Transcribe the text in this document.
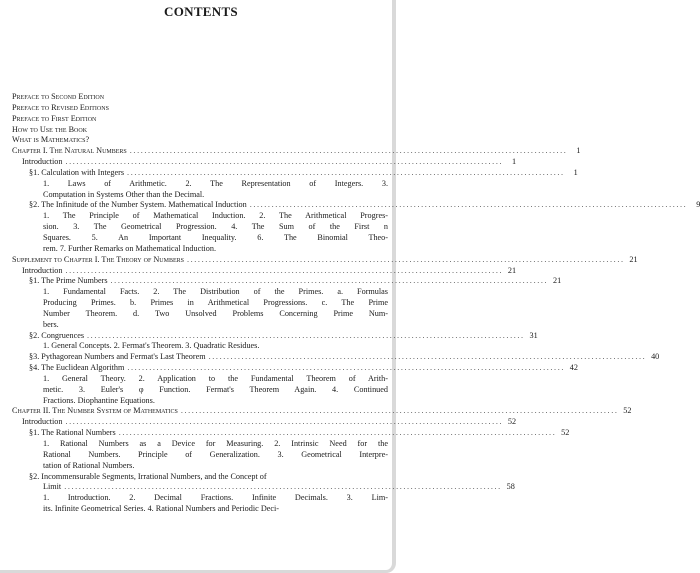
CONTENTS
Preface to Second Edition
Preface to Revised Editions
Preface to First Edition
How to Use the Book
What is Mathematics?
Chapter I. The Natural Numbers ........................................................................................................................	1
Introduction ........................................................................................................................	1
§1. Calculation with Integers ........................................................................................................................	1
1. Laws of Arithmetic. 2. The Representation of Integers. 3.
Computation in Systems Other than the Decimal.
§2. The Infinitude of the Number System. Mathematical Induction ........................................................................................................................	9
1. The Principle of Mathematical Induction. 2. The Arithmetical Progres-
sion. 3. The Geometrical Progression. 4. The Sum of the First n
Squares. 5. An Important Inequality. 6. The Binomial Theo-
rem. 7. Further Remarks on Mathematical Induction.
Supplement to Chapter I. The Theory of Numbers ........................................................................................................................ 21
Introduction ........................................................................................................................ 21
§1. The Prime Numbers ........................................................................................................................ 21
1. Fundamental Facts. 2. The Distribution of the Primes. a. Formulas
Producing Primes. b. Primes in Arithmetical Progressions. c. The Prime
Number Theorem. d. Two Unsolved Problems Concerning Prime Num-
bers.
§2. Congruences ........................................................................................................................ 31
1. General Concepts. 2. Fermat's Theorem. 3. Quadratic Residues.
§3. Pythagorean Numbers and Fermat's Last Theorem ........................................................................................................................ 40
§4. The Euclidean Algorithm ........................................................................................................................ 42
1. General Theory. 2. Application to the Fundamental Theorem of Arith-
metic. 3. Euler's φ Function. Fermat's Theorem Again. 4. Continued
Fractions. Diophantine Equations.
Chapter II. The Number System of Mathematics ........................................................................................................................ 52
Introduction ........................................................................................................................ 52
§1. The Rational Numbers ........................................................................................................................ 52
1. Rational Numbers as a Device for Measuring. 2. Intrinsic Need for the
Rational Numbers. Principle of Generalization. 3. Geometrical Interpre-
tation of Rational Numbers.
§2. Incommensurable Segments, Irrational Numbers, and the Concept of
Limit ........................................................................................................................ 58
1. Introduction. 2. Decimal Fractions. Infinite Decimals. 3. Lim-
its. Infinite Geometrical Series. 4. Rational Numbers and Periodic Deci-
